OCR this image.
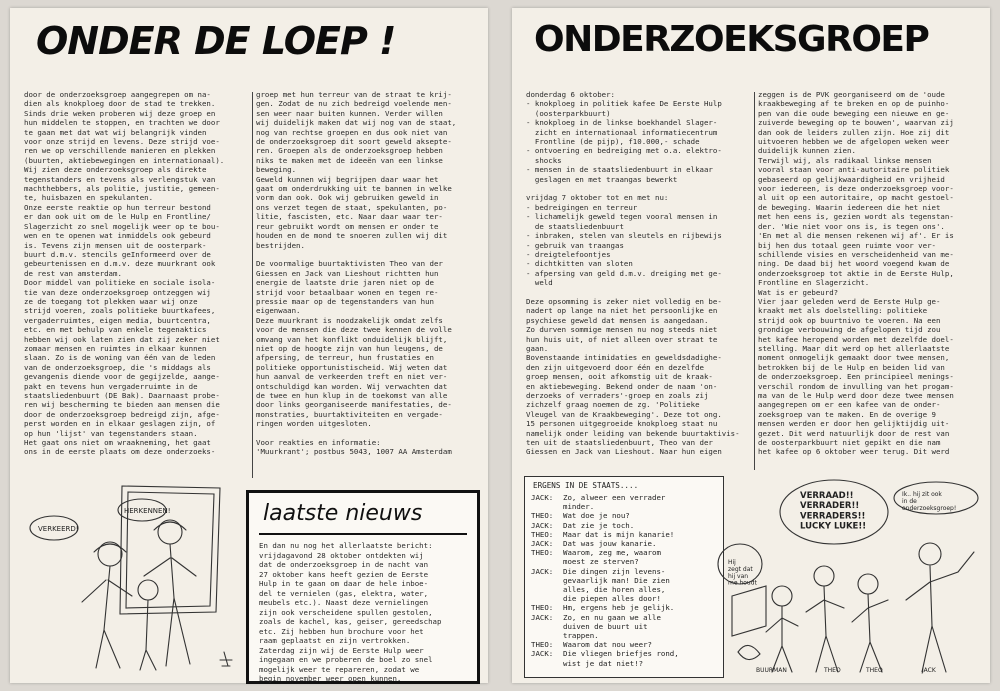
ONDER DE LOEP !
door de onderzoeksgroep aangegrepen om na-
dien als knokploeg door de stad te trekken.
Sinds drie weken proberen wij deze groep en
hun middelen te stoppen, en trachten we door
te gaan met dat wat wij belangrijk vinden
voor onze strijd en levens. Deze strijd voe-
ren we op verschillende manieren en plekken
(buurten, aktiebewegingen en internationaal).
Wij zien deze onderzoeksgroep als direkte
tegenstanders en tevens als verlengstuk van
machthebbers, als politie, justitie, gemeen-
te, huisbazen en spekulanten.
Onze eerste reaktie op hun terreur bestond
er dan ook uit om de le Hulp en Frontline/
Slagerzicht zo snel mogelijk weer op te bou-
wen en te openen wat inmiddels ook gebeurd
is. Tevens zijn mensen uit de oosterpark-
buurt d.m.v. stencils geInformeerd over de
gebeurtenissen en d.m.v. deze muurkrant ook
de rest van amsterdam.
Door middel van politieke en sociale isola-
tie van deze onderzoeksgroep ontzeggen wij
ze de toegang tot plekken waar wij onze
strijd voeren, zoals politieke buurtkafees,
vergaderruimtes, eigen media, buurtcentra,
etc. en met behulp van enkele tegenaktics
hebben wij ook laten zien dat zij zeker niet
zomaar mensen en ruimtes in elkaar kunnen
slaan. Zo is de woning van één van de leden
van de onderzoeksgroep, die 's middags als
gevangenis diende voor de gegijzelde, aange-
pakt en tevens hun vergaderruimte in de
staatsliedenbuurt (DE Bak). Daarnaast probe-
ren wij bescherming te bieden aan mensen die
door de onderzoeksgroep bedreigd zijn, afge-
perst worden en in elkaar geslagen zijn, of
op hun 'lijst' van tegenstanders staan.
Het gaat ons niet om wraakneming, het gaat
ons in de eerste plaats om deze onderzoeks-
groep met hun terreur van de straat te krij-
gen. Zodat de nu zich bedreigd voelende men-
sen weer naar buiten kunnen. Verder willen
wij duidelijk maken dat wij nog van de staat,
nog van rechtse groepen en dus ook niet van
de onderzoeksgroep dit soort geweld aksepte-
ren. Groepen als de onderzoeksgroep hebben
niks te maken met de ideeën van een linkse
beweging.
Geweld kunnen wij begrijpen daar waar het
gaat om onderdrukking uit te bannen in welke
vorm dan ook. Ook wij gebruiken geweld in
ons verzet tegen de staat, spekulanten, po-
litie, fascisten, etc. Naar daar waar ter-
reur gebruikt wordt om mensen er onder te
houden en de mond te snoeren zullen wij dit
bestrijden.

De voormalige buurtaktivisten Theo van der
Giessen en Jack van Lieshout richtten hun
energie de laatste drie jaren niet op de
strijd voor betaalbaar wonen en tegen re-
pressie maar op de tegenstanders van hun
eigenwaan.
Deze muurkrant is noodzakelijk omdat zelfs
voor de mensen die deze twee kennen de volle
omvang van het konflikt onduidelijk blijft,
niet op de hoogte zijn van hun leugens, de
afpersing, de terreur, hun frustaties en
politieke opportunistischeid. Wij weten dat
hun aanval de verkeerden treft en niet ver-
ontschuldigd kan worden. Wij verwachten dat
de twee en hun klup in de toekomst van alle
door links georganiseerde manifestaties, de-
monstraties, buurtaktiviteiten en vergade-
ringen worden uitgesloten.

Voor reakties en informatie:
'Muurkrant'; postbus 5043, 1007 AA Amsterdam
VERKEERD!
HERKENNEN!	laatste nieuws
En dan nu nog het allerlaatste bericht:
vrijdagavond 28 oktober ontdekten wij
dat de onderzoeksgroep in de nacht van
27 oktober kans heeft gezien de Eerste
Hulp in te gaan om daar de hele inboe-
del te vernielen (gas, elektra, water,
meubels etc.). Naast deze vernielingen
zijn ook verscheidene spullen gestolen,
zoals de kachel, kas, geiser, gereedschap
etc. Zij hebben hun brochure voor het
raam geplaatst en zijn vertrokken.
Zaterdag zijn wij de Eerste Hulp weer
ingegaan en we proberen de boel zo snel
mogelijk weer te repareren, zodat we
begin november weer open kunnen.
ONDERZOEKSGROEP
donderdag 6 oktober:
- knokploeg in politiek kafee De Eerste Hulp
(oosterparkbuurt)
- knokploeg in de linkse boekhandel Slager-
zicht en internationaal informatiecentrum
Frontline (de pijp), f10.000,- schade
- ontvoering en bedreiging met o.a. elektro-
shocks
- mensen in de staatsliedenbuurt in elkaar
geslagen en met traangas bewerkt

vrijdag 7 oktober tot en met nu:
- bedreigingen en terreur
- lichamelijk geweld tegen vooral mensen in
de staatsliedenbuurt
- inbraken, stelen van sleutels en rijbewijs
- gebruik van traangas
- dreigtelefoontjes
- dichtkitten van sloten
- afpersing van geld d.m.v. dreiging met ge-
weld

Deze opsomming is zeker niet volledig en be-
nadert op lange na niet het persoonlijke en
psychiese geweld dat mensen is aangedaan.
Zo durven sommige mensen nu nog steeds niet
hun huis uit, of niet alleen over straat te
gaan.
Bovenstaande intimidaties en geweldsdadighe-
den zijn uitgevoerd door één en dezelfde
groep mensen, ooit afkomstig uit de kraak-
en aktiebeweging. Bekend onder de naam 'on-
derzoeks of verraders'-groep en zoals zij
zichzelf graag noemen de zg. 'Politieke
Vleugel van de Kraakbeweging'. Deze tot ong.
15 personen uitgegroeide knokploeg staat nu
namelijk onder leiding van bekende buurtaktivis-
ten uit de staatsliedenbuurt, Theo van der
Giessen en Jack van Lieshout. Naar hun eigen
zeggen is de PVK georganiseerd om de 'oude
kraakbeweging af te breken en op de puinho-
pen van die oude beweging een nieuwe en ge-
zuiverde beweging op te bouwen', waarvan zij
dan ook de leiders zullen zijn. Hoe zij dit
uitvoeren hebben we de afgelopen weken weer
duidelijk kunnen zien.
Terwijl wij, als radikaal linkse mensen
vooral staan voor anti-autoritaire politiek
gebaseerd op gelijkwaardigheid en vrijheid
voor iedereen, is deze onderzoeksgroep voor-
al uit op een autoritaire, op macht gestoel-
de beweging. Waarin iedereen die het niet
met hen eens is, gezien wordt als tegenstan-
der. 'Wie niet voor ons is, is tegen ons'.
'En met al die mensen rekenen wij af'. Er is
bij hen dus totaal geen ruimte voor ver-
schillende visies en verscheidenheid van me-
ning. De daad bij het woord voegend kwam de
onderzoeksgroep tot aktie in de Eerste Hulp,
Frontline en Slagerzicht.
Wat is er gebeurd?
Vier jaar geleden werd de Eerste Hulp ge-
kraakt met als doelstelling: politieke
strijd ook op buurtnivo te voeren. Na een
grondige verbouwing de afgelopen tijd zou
het kafee heropend worden met dezelfde doel-
stelling. Maar dit werd op het allerlaatste
moment onmogelijk gemaakt door twee mensen,
betrokken bij de le Hulp en beiden lid van
de onderzoeksgroep. Een principieel menings-
verschil rondom de invulling van het progam-
ma van de le Hulp werd door deze twee mensen
aangegrepen om er een kafee van de onder-
zoeksgroep van te maken. En de overige 9
mensen werden er door hen gelijktijdig uit-
gezet. Dit werd natuurlijk door de rest van
de oosterparkbuurt niet gepikt en die nam
het kafee op 6 oktober weer terug. Dit werd
ERGENS IN DE STAATS....
JACK:	Zo, alweer een verrader
minder.
THEO:	Wat doe je nou?
JACK:	Dat zie je toch.
THEO:	Maar dat is mijn kanarie!
JACK:	Dat was jouw kanarie.
THEO:	Waarom, zeg me, waarom
moest ze sterven?
JACK:	Die dingen zijn levens-
gevaarlijk man! Die zien
alles, die horen alles,
die piepen alles door!
THEO:	Hm, ergens heb je gelijk.
JACK:	Zo, en nu gaan we alle
duiven de buurt uit
trappen.
THEO:	Waarom dat nou weer?
JACK:	Die vliegen briefjes rond,
wist je dat niet!?
VERRAAD!! VERRADER!! VERRADERS!! LUCKY LUKE!!
Ik.. hij zit ook in de onderzoeksgroep!
Hij zegt dat hij van me houdt
BUURMAN	THEO	THEO	JACK
